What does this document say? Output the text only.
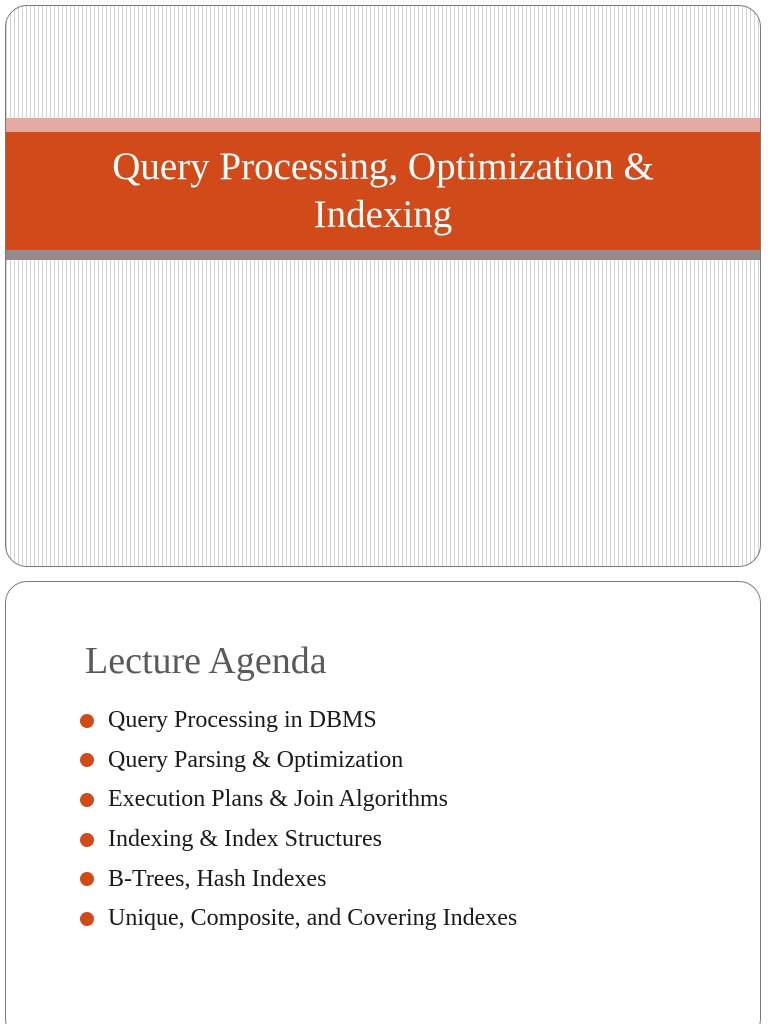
Query Processing, Optimization & Indexing
Lecture Agenda
Query Processing in DBMS
Query Parsing & Optimization
Execution Plans & Join Algorithms
Indexing & Index Structures
B-Trees, Hash Indexes
Unique, Composite, and Covering Indexes
